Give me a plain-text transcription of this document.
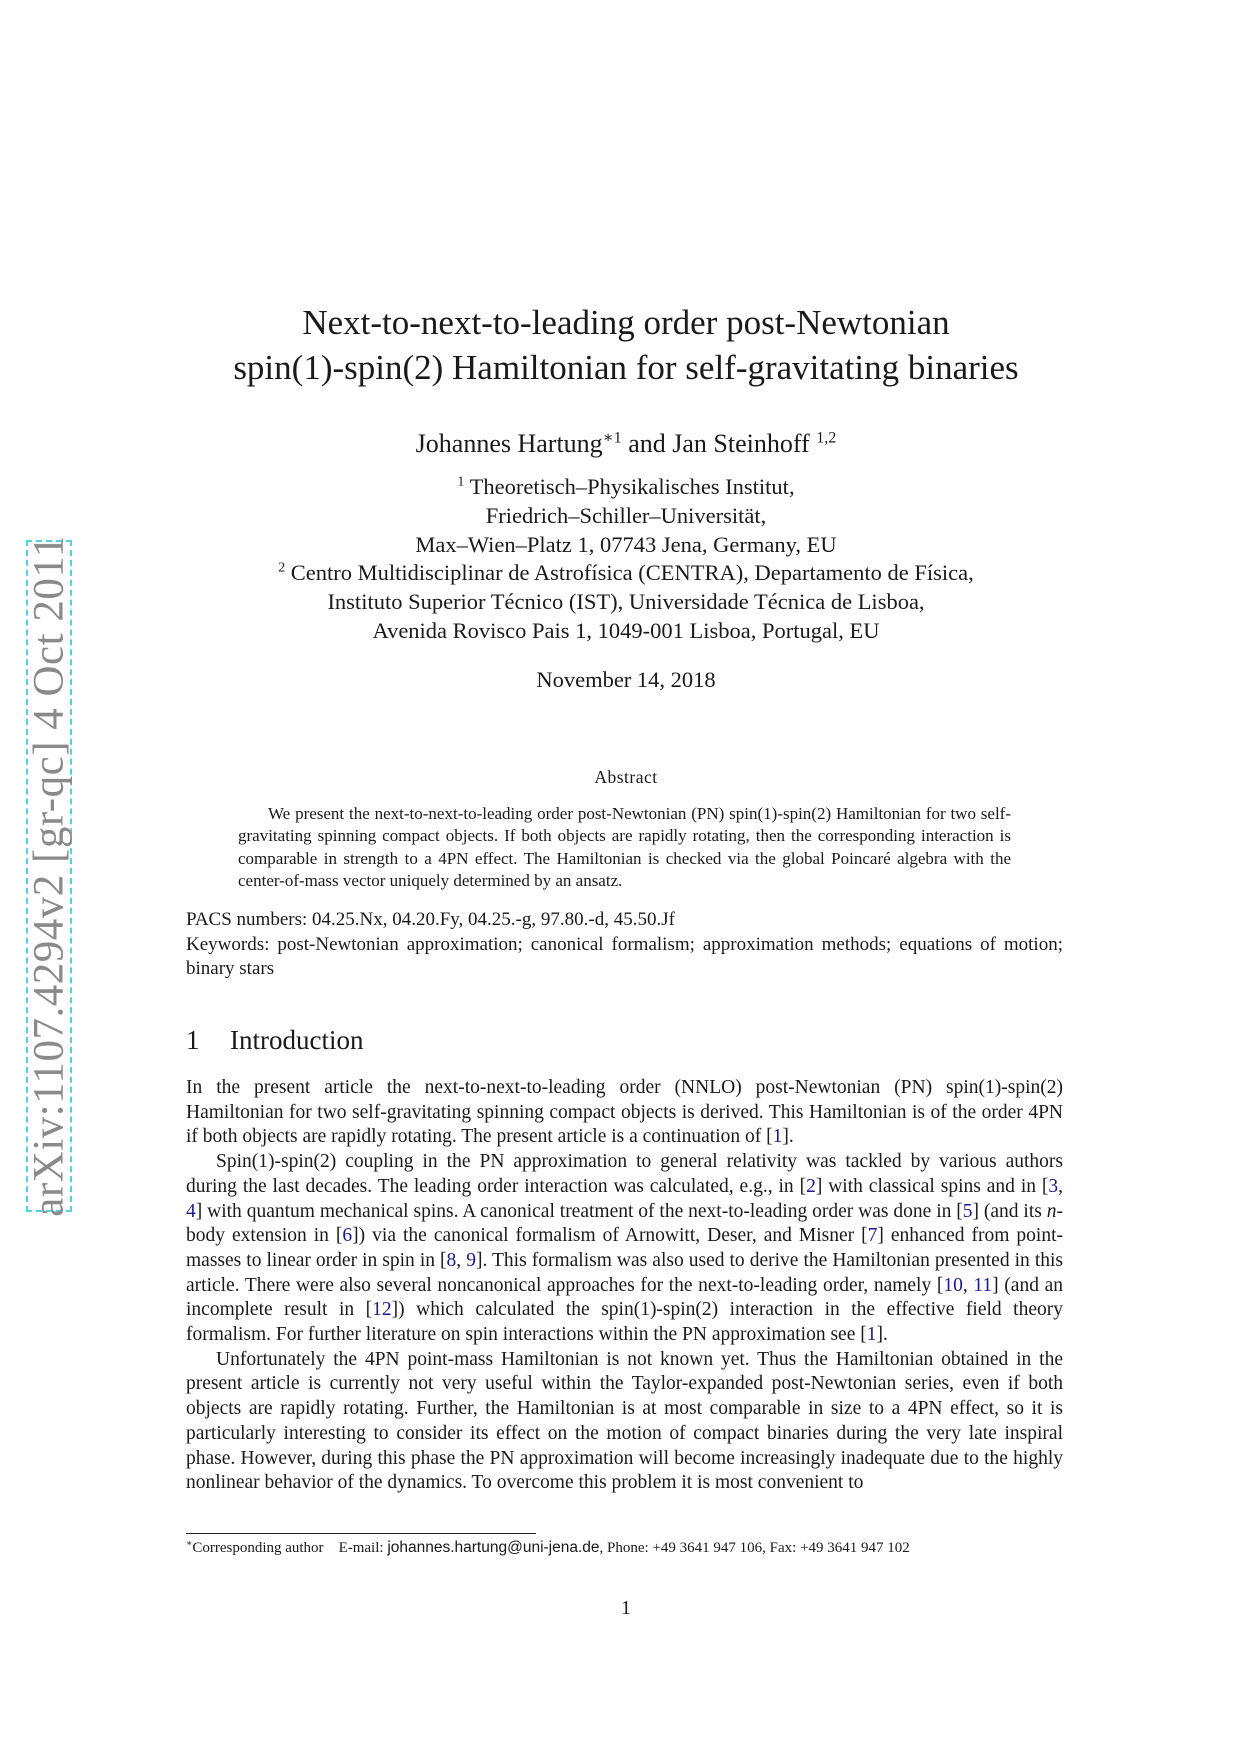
arXiv:1107.4294v2 [gr-qc] 4 Oct 2011
Next-to-next-to-leading order post-Newtonian
spin(1)-spin(2) Hamiltonian for self-gravitating binaries
Johannes Hartung$^{∗1}$ and Jan Steinhoff $^{1,2}$
$^1$ Theoretisch–Physikalisches Institut,
Friedrich–Schiller–Universität,
Max–Wien–Platz 1, 07743 Jena, Germany, EU
$^2$ Centro Multidisciplinar de Astrofísica (CENTRA), Departamento de Física,
Instituto Superior Técnico (IST), Universidade Técnica de Lisboa,
Avenida Rovisco Pais 1, 1049-001 Lisboa, Portugal, EU
November 14, 2018
Abstract
We present the next-to-next-to-leading order post-Newtonian (PN) spin(1)-spin(2) Hamiltonian for two self-gravitating spinning compact objects. If both objects are rapidly rotating, then the corresponding interaction is comparable in strength to a 4PN effect. The Hamiltonian is checked via the global Poincaré algebra with the center-of-mass vector uniquely determined by an ansatz.
PACS numbers: 04.25.Nx, 04.20.Fy, 04.25.-g, 97.80.-d, 45.50.Jf
Keywords: post-Newtonian approximation; canonical formalism; approximation methods; equations of motion; binary stars
1 Introduction

In the present article the next-to-next-to-leading order (NNLO) post-Newtonian (PN) spin(1)-spin(2) Hamiltonian for two self-gravitating spinning compact objects is derived. This Hamiltonian is of the order 4PN if both objects are rapidly rotating. The present article is a continuation of [1].

Spin(1)-spin(2) coupling in the PN approximation to general relativity was tackled by various authors during the last decades. The leading order interaction was calculated, e.g., in [2] with classical spins and in [3, 4] with quantum mechanical spins. A canonical treatment of the next-to-leading order was done in [5] (and its n-body extension in [6]) via the canonical formalism of Arnowitt, Deser, and Misner [7] enhanced from point-masses to linear order in spin in [8, 9]. This formalism was also used to derive the Hamiltonian presented in this article. There were also several noncanonical approaches for the next-to-leading order, namely [10, 11] (and an incomplete result in [12]) which calculated the spin(1)-spin(2) interaction in the effective field theory formalism. For further literature on spin interactions within the PN approximation see [1].

Unfortunately the 4PN point-mass Hamiltonian is not known yet. Thus the Hamiltonian obtained in the present article is currently not very useful within the Taylor-expanded post-Newtonian series, even if both objects are rapidly rotating. Further, the Hamiltonian is at most comparable in size to a 4PN effect, so it is particularly interesting to consider its effect on the motion of compact binaries during the very late inspiral phase. However, during this phase the PN approximation will become increasingly inadequate due to the highly nonlinear behavior of the dynamics. To overcome this problem it is most convenient to

∗Corresponding author E-mail: johannes.hartung@uni-jena.de, Phone: +49 3641 947 106, Fax: +49 3641 947 102
1
